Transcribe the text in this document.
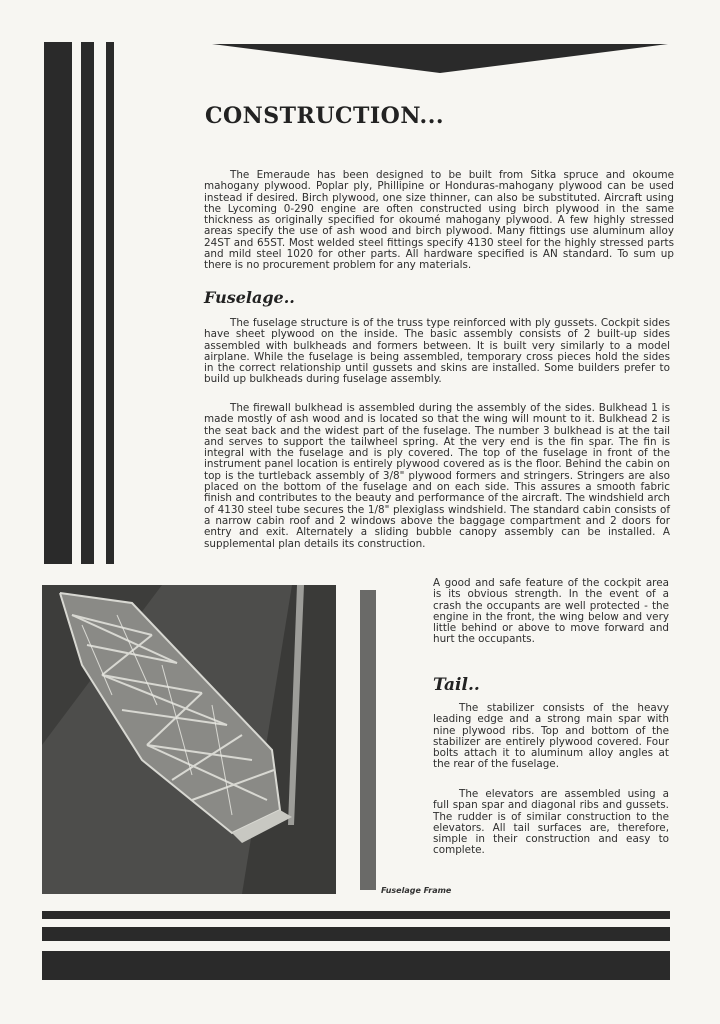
CONSTRUCTION...

The Emeraude has been designed to be built from Sitka spruce and okoume mahogany plywood. Poplar ply, Phillipine or Honduras-mahogany plywood can be used instead if desired. Birch plywood, one size thinner, can also be substituted. Aircraft using the Lycoming 0-290 engine are often constructed using birch plywood in the same thickness as originally specified for okoumé mahogany plywood. A few highly stressed areas specify the use of ash wood and birch plywood. Many fittings use aluminum alloy 24ST and 65ST. Most welded steel fittings specify 4130 steel for the highly stressed parts and mild steel 1020 for other parts. All hardware specified is AN standard. To sum up there is no procurement problem for any materials.

Fuselage..

The fuselage structure is of the truss type reinforced with ply gussets. Cockpit sides have sheet plywood on the inside. The basic assembly consists of 2 built-up sides assembled with bulkheads and formers between. It is built very similarly to a model airplane. While the fuselage is being assembled, temporary cross pieces hold the sides in the correct relationship until gussets and skins are installed. Some builders prefer to build up bulkheads during fuselage assembly.

The firewall bulkhead is assembled during the assembly of the sides. Bulkhead 1 is made mostly of ash wood and is located so that the wing will mount to it. Bulkhead 2 is the seat back and the widest part of the fuselage. The number 3 bulkhead is at the tail and serves to support the tailwheel spring. At the very end is the fin spar. The fin is integral with the fuselage and is ply covered. The top of the fuselage in front of the instrument panel location is entirely plywood covered as is the floor. Behind the cabin on top is the turtleback assembly of 3/8" plywood formers and stringers. Stringers are also placed on the bottom of the fuselage and on each side. This assures a smooth fabric finish and contributes to the beauty and performance of the aircraft. The windshield arch of 4130 steel tube secures the 1/8" plexiglass windshield. The standard cabin consists of a narrow cabin roof and 2 windows above the baggage compartment and 2 doors for entry and exit. Alternately a sliding bubble canopy assembly can be installed. A supplemental plan details its construction.

Fuselage Frame

A good and safe feature of the cockpit area is its obvious strength. In the event of a crash the occupants are well protected - the engine in the front, the wing below and very little behind or above to move forward and hurt the occupants.

Tail..

The stabilizer consists of the heavy leading edge and a strong main spar with nine plywood ribs. Top and bottom of the stabilizer are entirely plywood covered. Four bolts attach it to aluminum alloy angles at the rear of the fuselage.

The elevators are assembled using a full span spar and diagonal ribs and gussets. The rudder is of similar construction to the elevators. All tail surfaces are, therefore, simple in their construction and easy to complete.
